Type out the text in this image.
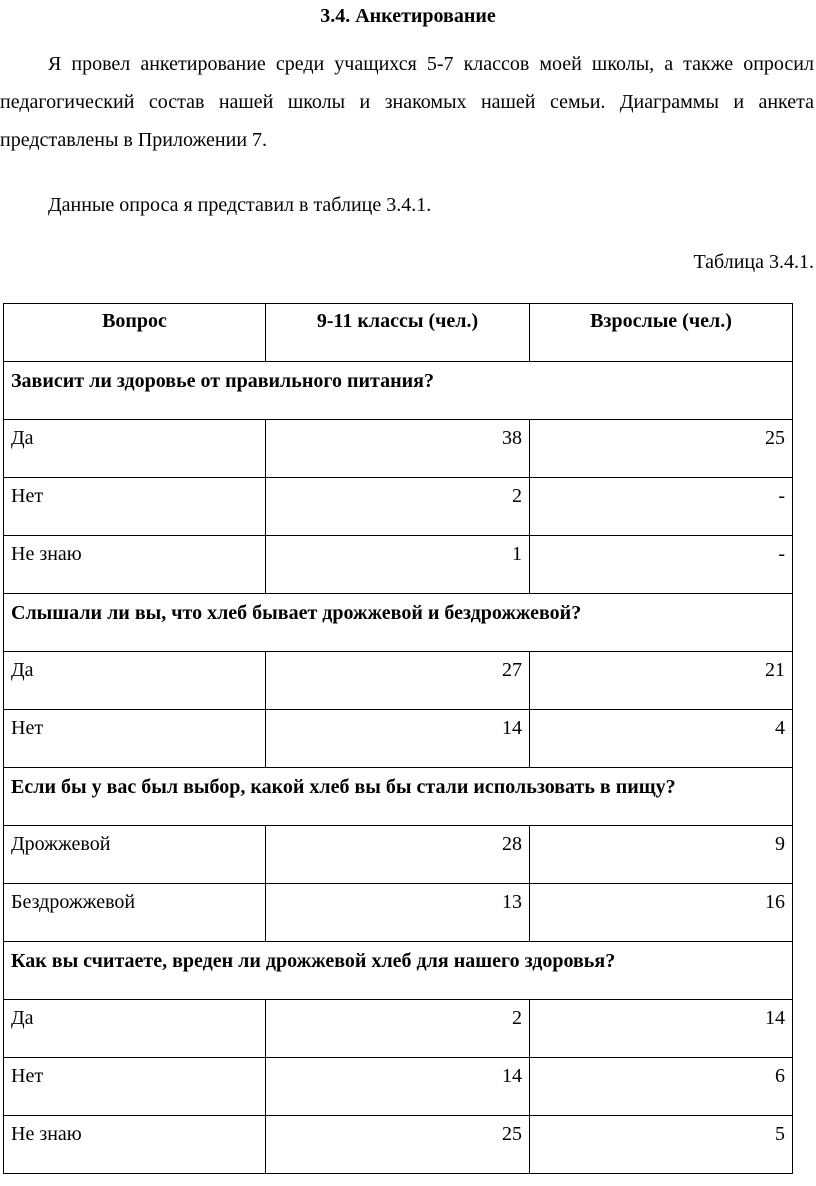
3.4. Анкетирование
Я провел анкетирование среди учащихся 5-7 классов моей школы, а также опросил педагогический состав нашей школы и знакомых нашей семьи. Диаграммы и анкета представлены в Приложении 7.
Данные опроса я представил в таблице 3.4.1.
Таблица 3.4.1.
Вопрос	9-11 классы (чел.)	Взрослые (чел.)
Зависит ли здоровье от правильного питания?		
Да	38	25
Нет	2	-
Не знаю	1	-
Слышали ли вы, что хлеб бывает дрожжевой и бездрожжевой?		
Да	27	21
Нет	14	4
Если бы у вас был выбор, какой хлеб вы бы стали использовать в пищу?		
Дрожжевой	28	9
Бездрожжевой	13	16
Как вы считаете, вреден ли дрожжевой хлеб для нашего здоровья?		
Да	2	14
Нет	14	6
Не знаю	25	5
